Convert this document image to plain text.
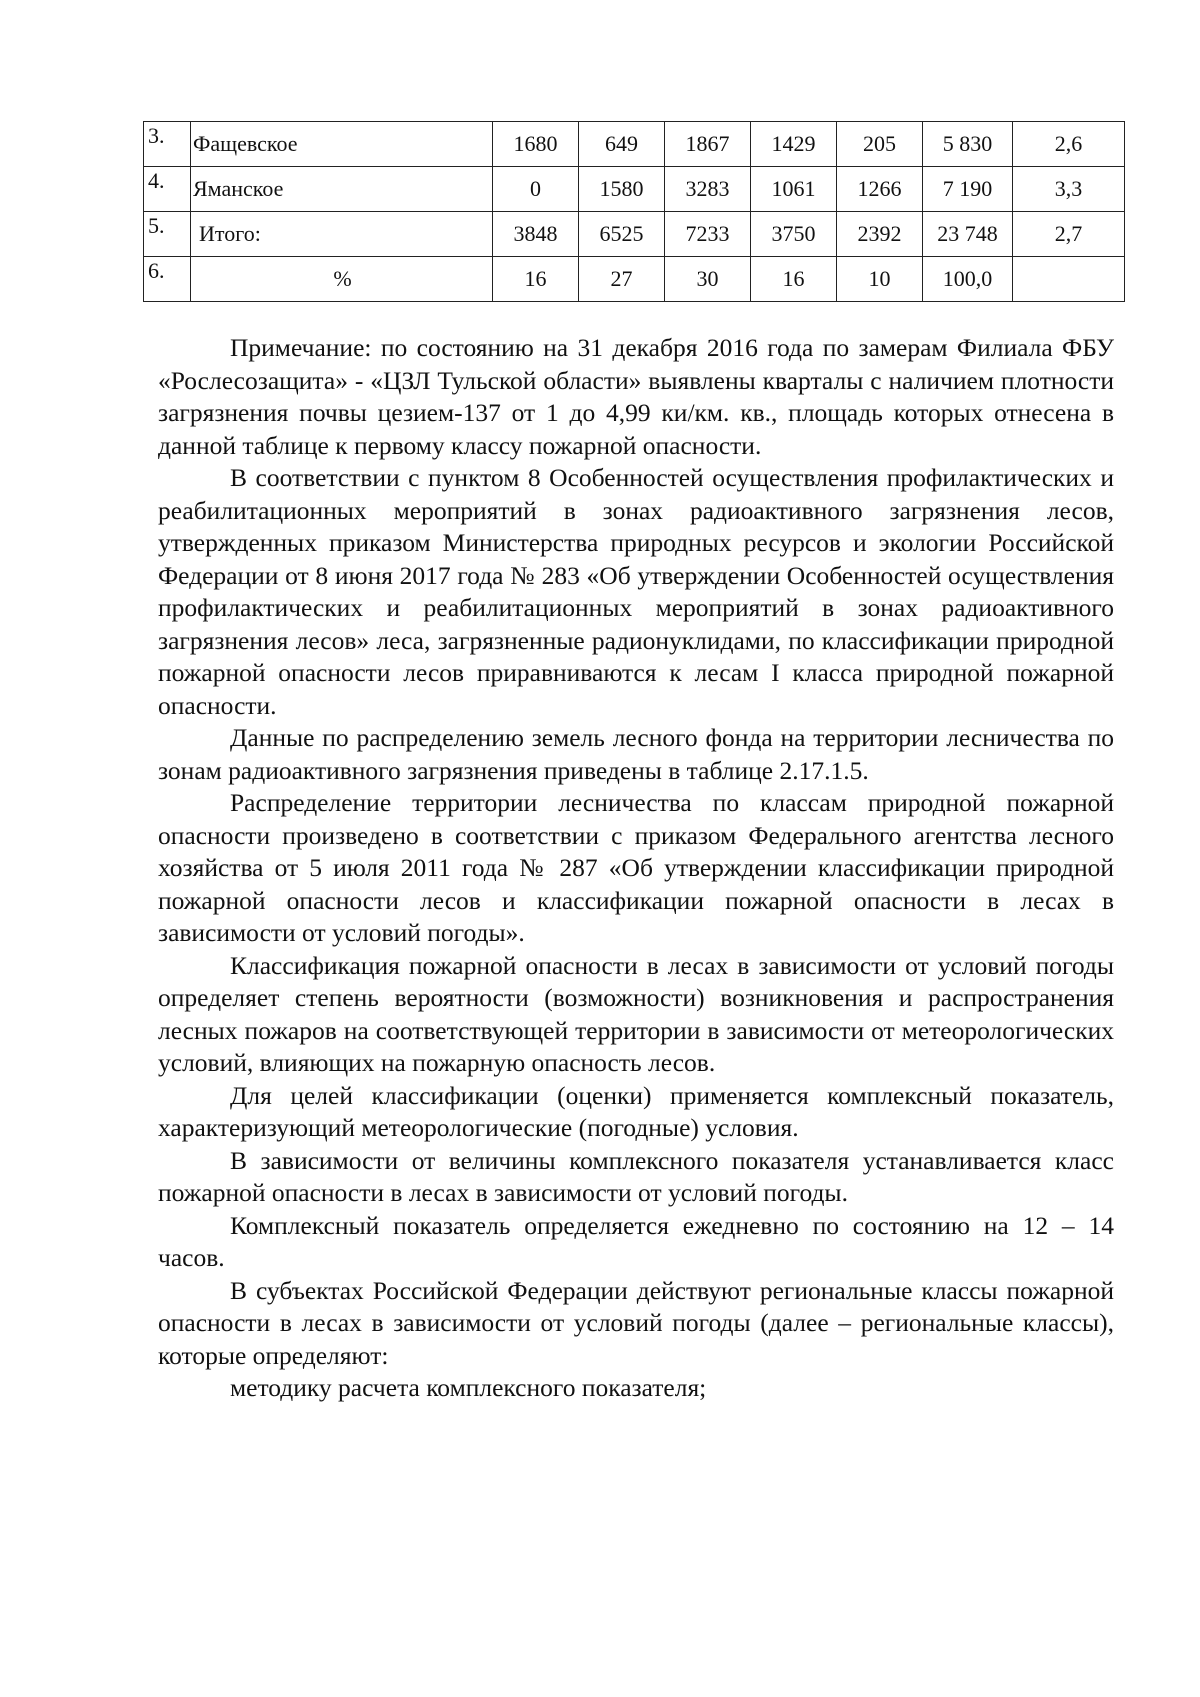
3.	Фащевское	1680	649	1867	1429	205	5 830	2,6
4.	Яманское	0	1580	3283	1061	1266	7 190	3,3
5.	Итого:	3848	6525	7233	3750	2392	23 748	2,7
6.	%	16	27	30	16	10	100,0	

Примечание: по состоянию на 31 декабря 2016 года по замерам Филиала ФБУ «Рослесозащита» - «ЦЗЛ Тульской области» выявлены кварталы с наличием плотности загрязнения почвы цезием-137 от 1 до 4,99 ки/км. кв., площадь которых отнесена в данной таблице к первому классу пожарной опасности.

В соответствии с пунктом 8 Особенностей осуществления профилактических и реабилитационных мероприятий в зонах радиоактивного загрязнения лесов, утвержденных приказом Министерства природных ресурсов и экологии Российской Федерации от 8 июня 2017 года № 283 «Об утверждении Особенностей осуществления профилактических и реабилитационных мероприятий в зонах радиоактивного загрязнения лесов» леса, загрязненные радионуклидами, по классификации природной пожарной опасности лесов приравниваются к лесам I класса природной пожарной опасности.

Данные по распределению земель лесного фонда на территории лесничества по зонам радиоактивного загрязнения приведены в таблице 2.17.1.5.

Распределение территории лесничества по классам природной пожарной опасности произведено в соответствии с приказом Федерального агентства лесного хозяйства от 5 июля 2011 года № 287 «Об утверждении классификации природной пожарной опасности лесов и классификации пожарной опасности в лесах в зависимости от условий погоды».

Классификация пожарной опасности в лесах в зависимости от условий погоды определяет степень вероятности (возможности) возникновения и распространения лесных пожаров на соответствующей территории в зависимости от метеорологических условий, влияющих на пожарную опасность лесов.

Для целей классификации (оценки) применяется комплексный показатель, характеризующий метеорологические (погодные) условия.

В зависимости от величины комплексного показателя устанавливается класс пожарной опасности в лесах в зависимости от условий погоды.

Комплексный показатель определяется ежедневно по состоянию на 12 – 14 часов.

В субъектах Российской Федерации действуют региональные классы пожарной опасности в лесах в зависимости от условий погоды (далее – региональные классы), которые определяют:

методику расчета комплексного показателя;
